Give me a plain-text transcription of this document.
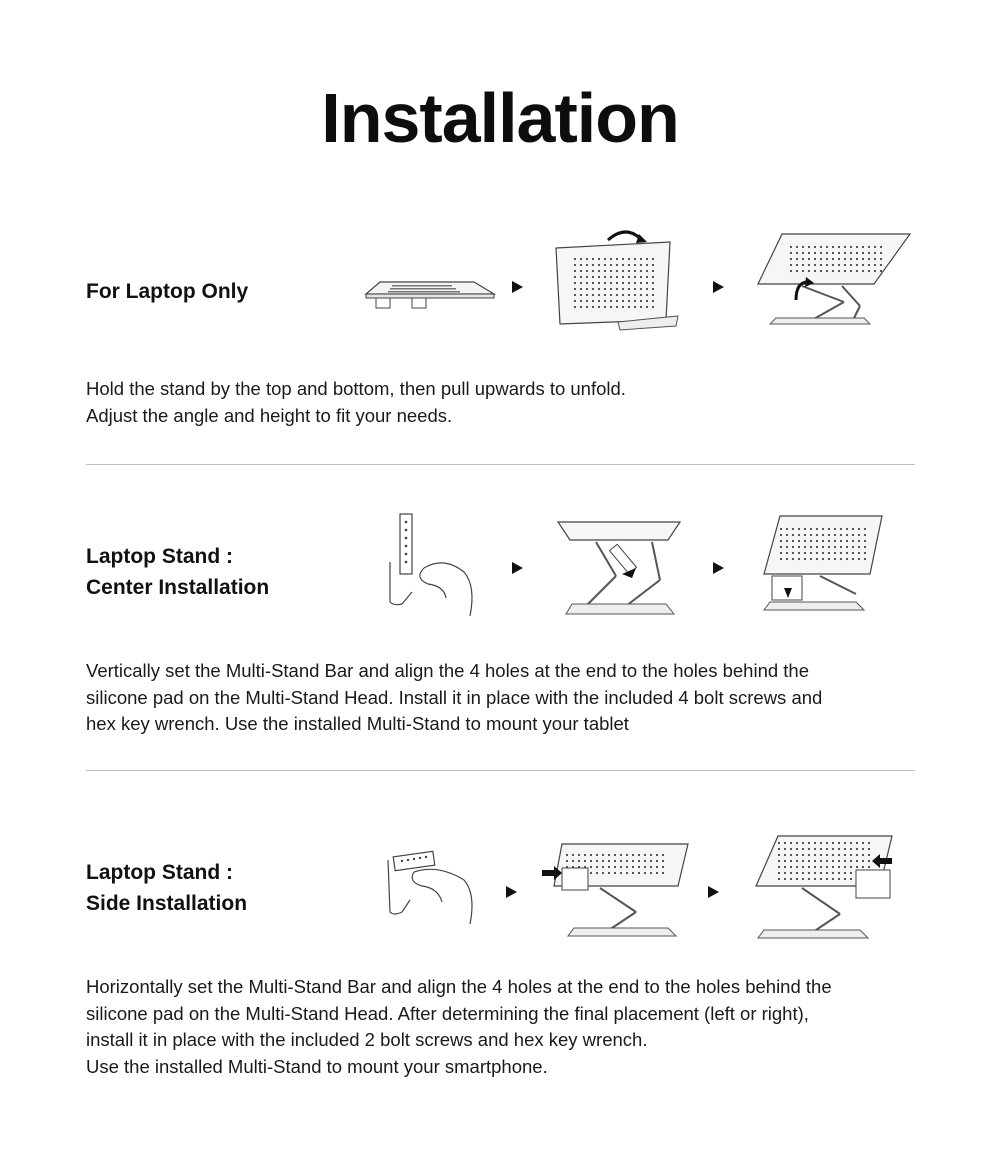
Installation
For Laptop Only

Hold the stand by the top and bottom, then pull upwards to unfold.
Adjust the angle and height to fit your needs.

Laptop Stand :
Center Installation

Vertically set the Multi-Stand Bar and align the 4 holes at the end to the holes behind the
silicone pad on the Multi-Stand Head. Install it in place with the included 4 bolt screws and
hex key wrench. Use the installed Multi-Stand to mount your tablet

Laptop Stand :
Side Installation

Horizontally set the Multi-Stand Bar and align the 4 holes at the end to the holes behind the
silicone pad on the Multi-Stand Head. After determining the final placement (left or right),
install it in place with the included 2 bolt screws and hex key wrench.
Use the installed Multi-Stand to mount your smartphone.
